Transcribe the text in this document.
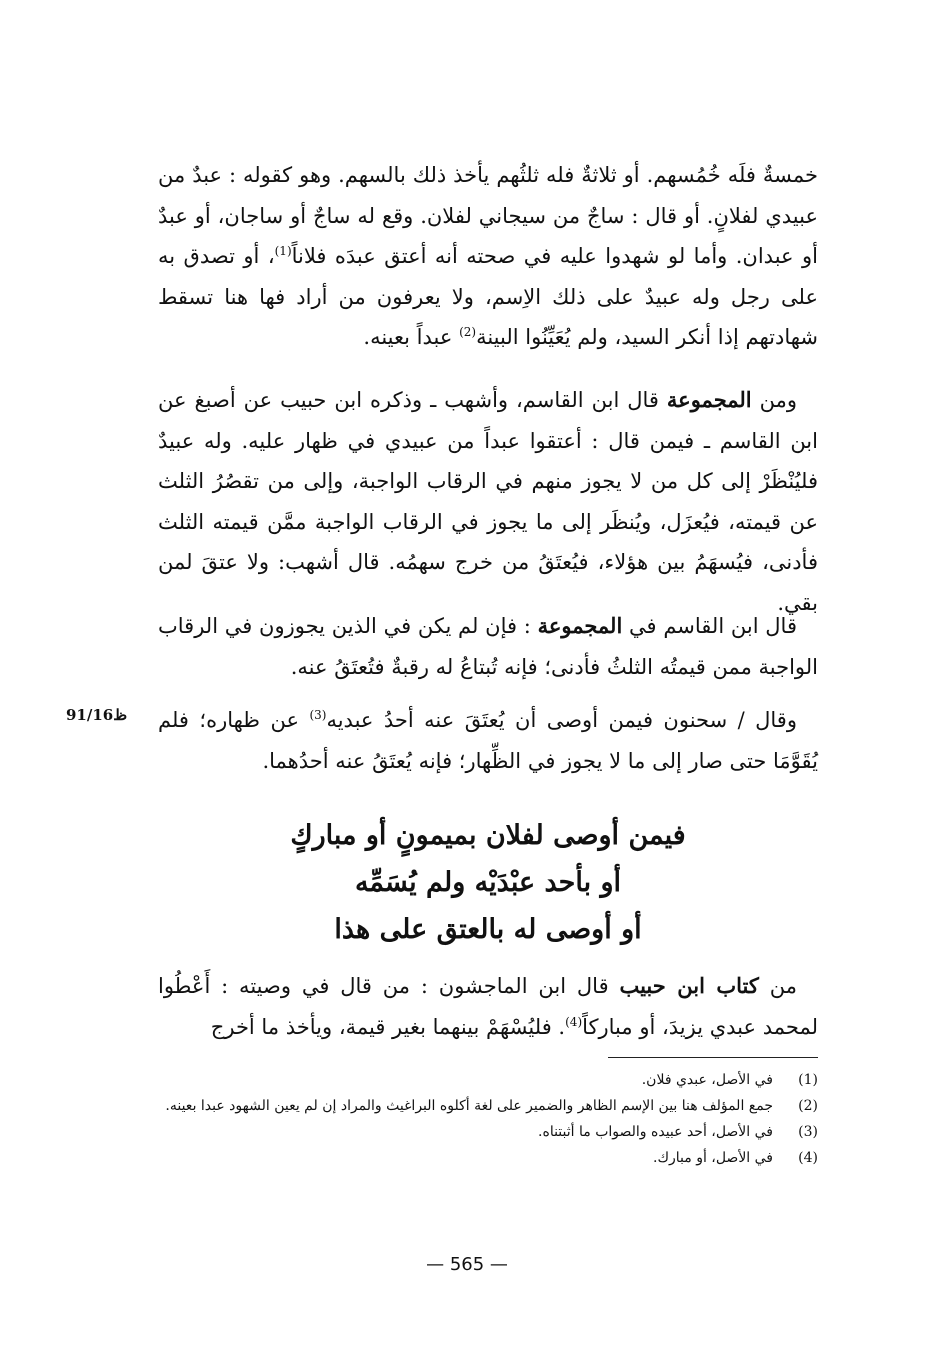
خمسةٌ فلَه خُمُسهم. أو ثلاثةٌ فله ثلثُهم يأخذ ذلك بالسهم. وهو كقوله : عبدٌ من عبيدي لفلانٍ. أو قال : ساجٌ من سيجاني لفلان. وقع له ساجٌ أو ساجان، أو عبدٌ أو عبدان. وأما لو شهدوا عليه في صحته أنه أعتق عبدَه فلاناً$^{(1)}$، أو تصدق به على رجل وله عبيدٌ على ذلك الاِسم، ولا يعرفون من أراد فها هنا تسقط شهادتهم إذا أنكر السيد، ولم يُعَيِّنُوا البينة$^{(2)}$ عبداً بعينه.

 ومن المجموعة قال ابن القاسم، وأشهب ـ وذكره ابن حبيب عن أصبغ عن ابن القاسم ـ فيمن قال : أعتقوا عبداً من عبيدي في ظهار عليه. وله عبيدٌ فليُنْظَرْ إلى كل من لا يجوز منهم في الرقاب الواجبة، وإلى من تقصُرُ الثلث عن قيمته، فيُعزَل، ويُنظَر إلى ما يجوز في الرقاب الواجبة ممَّن قيمته الثلث فأدنى، فيُسهَمُ بين هؤلاء، فيُعتَقُ من خرج سهمُه. قال أشهب: ولا عتقَ لمن بقي.

 قال ابن القاسم في المجموعة : فإن لم يكن في الذين يجوزون في الرقاب الواجبة ممن قيمتُه الثلثُ فأدنى؛ فإنه تُبتاعُ له رقبةٌ فتُعتَقُ عنه.

 وقال / سحنون فيمن أوصى أن يُعتَقَ عنه أحدُ عبديه$^{(3)}$ عن ظهاره؛ فلم يُقَوَّمَا حتى صار إلى ما لا يجوز في الظِّهار؛ فإنه يُعتَقُ عنه أحدُهما.

91/16ظ
فيمن أوصى لفلان بميمونٍ أو مباركٍ
أو بأحد عبْدَيْه ولم يُسَمِّه
أو أوصى له بالعتق على هذا

 من كتاب ابن حبيب قال ابن الماجشون : من قال في وصيته : أَعْطُوا لمحمد عبدي يزيدَ، أو مباركاً$^{(4)}$. فليُسْهَمْ بينهما بغير قيمة، ويأخذ ما أخرج

(1)
في الأصل، عبدي فلان.
(2)
جمع المؤلف هنا بين الإسم الظاهر والضمير على لغة أكلوه البراغيث والمراد إن لم يعين الشهود عبدا بعينه.
(3)
في الأصل، أحد عبيده والصواب ما أثبتناه.
(4)
في الأصل، أو مبارك.
— 565 —
